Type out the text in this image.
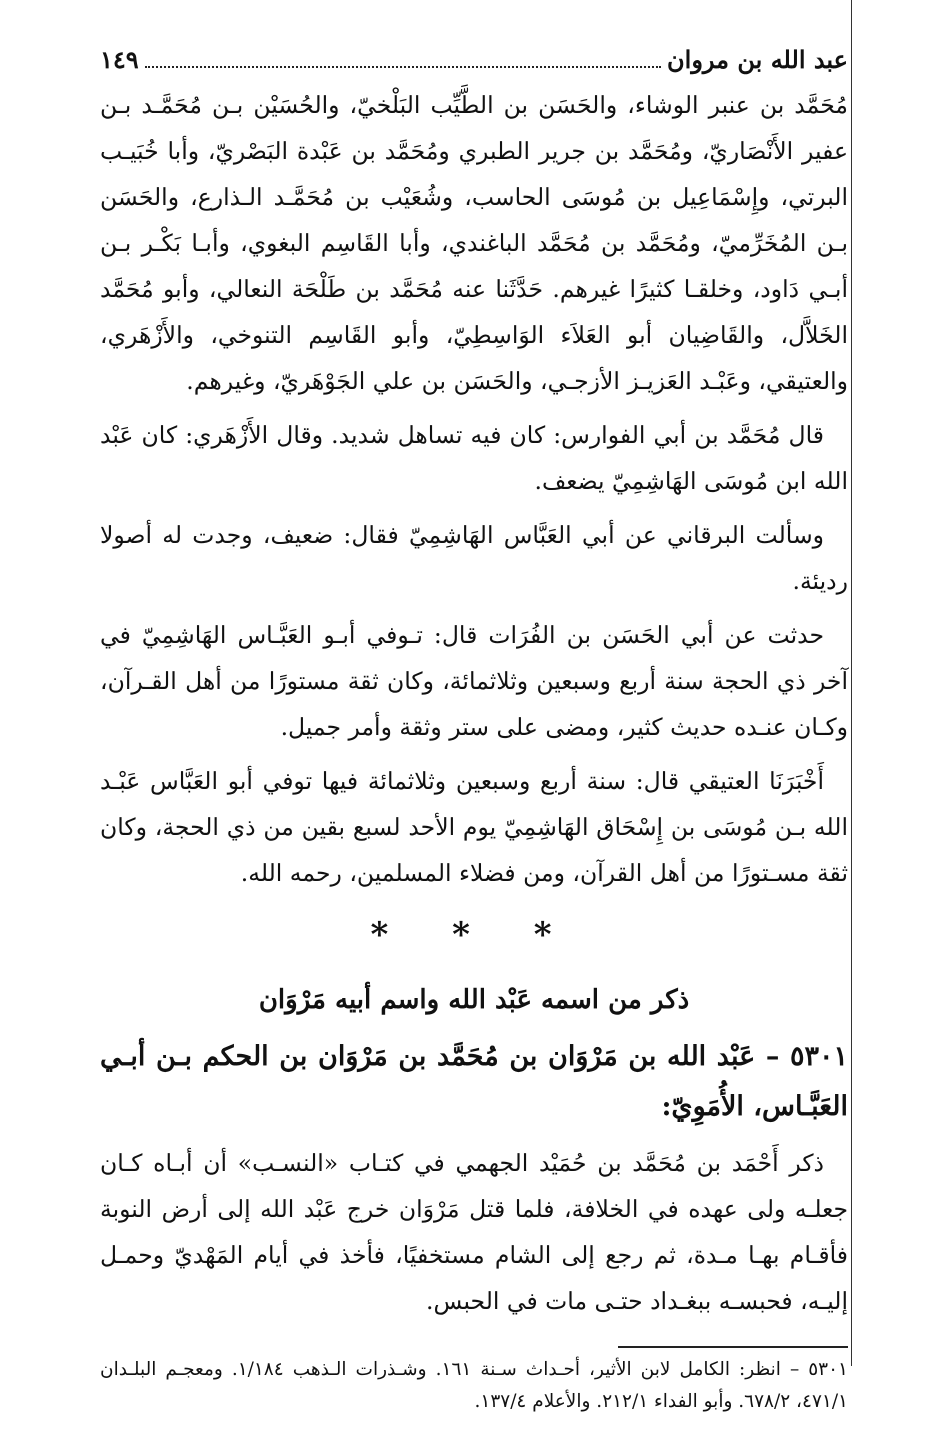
عبد الله بن مروان
١٤٩

مُحَمَّد بن عنبر الوشاء، والحَسَن بن الطَّيِّب البَلْخيّ، والحُسَيْن بـن مُحَمَّـد بـن عفير الأَنْصَاريّ، ومُحَمَّد بن جرير الطبري ومُحَمَّد بن عَبْدة البَصْريّ، وأبا خُبَيـب البرتي، وإِسْمَاعِيل بن مُوسَى الحاسب، وشُعَيْب بن مُحَمَّـد الـذارع، والحَسَن بـن المُخَرِّميّ، ومُحَمَّد بن مُحَمَّد الباغندي، وأبا القَاسِم البغوي، وأبـا بَكْـر بـن أبـي دَاود، وخلقـا كثيرًا غيرهم. حَدَّثَنا عنه مُحَمَّد بن طَلْحَة النعالي، وأبو مُحَمَّد الخَلاَّل، والقَاضِيان أبو العَلاَء الوَاسِطِيّ، وأبو القَاسِم التنوخي، والأَزْهَري، والعتيقي، وعَبْـد العَزيـز الأزجـي، والحَسَن بن علي الجَوْهَريّ، وغيرهم.

قال مُحَمَّد بن أبي الفوارس: كان فيه تساهل شديد. وقال الأَزْهَري: كان عَبْد الله ابن مُوسَى الهَاشِمِيّ يضعف.

وسألت البرقاني عن أبي العَبَّاس الهَاشِمِيّ فقال: ضعيف، وجدت له أصولا رديئة.

حدثت عن أبي الحَسَن بن الفُرَات قال: تـوفي أبـو العَبَّـاس الهَاشِمِيّ في آخر ذي الحجة سنة أربع وسبعين وثلاثمائة، وكان ثقة مستورًا من أهل القـرآن، وكـان عنـده حديث كثير، ومضى على ستر وثقة وأمر جميل.

أَخْبَرَنَا العتيقي قال: سنة أربع وسبعين وثلاثمائة فيها توفي أبو العَبَّاس عَبْـد الله بـن مُوسَى بن إِسْحَاق الهَاشِمِيّ يوم الأحد لسبع بقين من ذي الحجة، وكان ثقة مسـتورًا من أهل القرآن، ومن فضلاء المسلمين، رحمه الله.

* * *
ذكر من اسمه عَبْد الله واسم أبيه مَرْوَان
٥٣٠١ – عَبْد الله بن مَرْوَان بن مُحَمَّد بن مَرْوَان بن الحكم بـن أبـي العَبَّـاس، الأُمَوِيّ:

ذكر أَحْمَد بن مُحَمَّد بن حُمَيْد الجهمي في كتـاب «النسـب» أن أبـاه كـان جعلـه ولى عهده في الخلافة، فلما قتل مَرْوَان خرج عَبْد الله إلى أرض النوبة فأقـام بهـا مـدة، ثم رجع إلى الشام مستخفيًا، فأخذ في أيام المَهْديّ وحمـل إليـه، فحبسـه ببغـداد حتـى مات في الحبس.

٥٣٠١ – انظر: الكامل لابن الأثير، أحـداث سـنة ١٦١. وشـذرات الـذهب ١/١٨٤. ومعجـم البلـدان ٤٧١/١، ٦٧٨/٢. وأبو الفداء ٢١٢/١. والأعلام ١٣٧/٤.
